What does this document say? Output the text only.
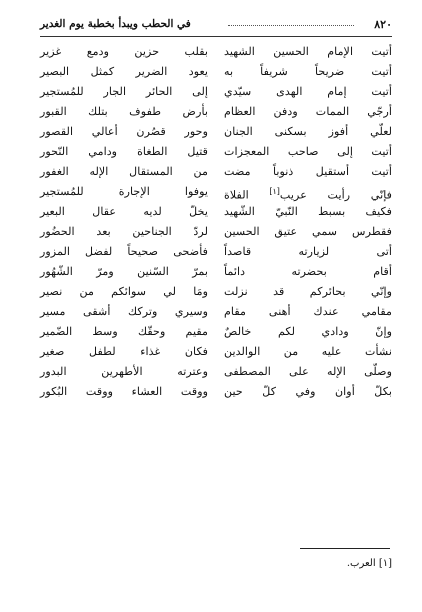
٨٢٠
في الحطب ويبدأ بخطبة يوم الغدير
أتيت الإمام الحسين الشهيد
بقلب حزين ودمع غزير
أتيت ضريحاً شريفاً به
يعود الضرير كمثل البصير
أتيت إمام الهدى سيّدي
إلى الحائر الجار للمُستجير
أرجّي الممات ودفن العظام
بأرض طفوف بتلك القبور
لعلّي أفوز بسكنى الجنان
وحور قصُرن أعالي القصور
أتيت إلى صاحب المعجزات
قتيل الطغاة ودامي النّحور
أتيت أستقيل ذنوباً مضت
من المستقال الإله الغفور
فإنّي رأيت عريب[١] الفلاة
يوفوا الإجارة للمُستجير
فكيف بسبط النّبيّ الشّهيد
يخلّ لديه عقال البعير
فقطرس سمي عتيق الحسين
لردّ الجناحين بعد الحضُور
أتى لزيارته قاصداً
فأضحى صحيحاً لفضل المزور
أقام بحضرته دائماً
بمرّ السّنين ومرّ الشّهُور
وإنّي بحائركم قد نزلت
ومَا لي سوائكم من نصير
مقامي عندك أهنى مقام
وسيري وتركك أشقى مسير
وإنّ ودادي لكم خالصٌ
مقيم وحقّك وسط الضّمير
نشأت عليه من الوالدين
فكان غذاء لطفل صغير
وصلّى الإله على المصطفى
وعترته الأطهرين البدور
بكلّ أوان وفي كلّ حين
ووقت العشاء ووقت البُكور
[١] العرب.
